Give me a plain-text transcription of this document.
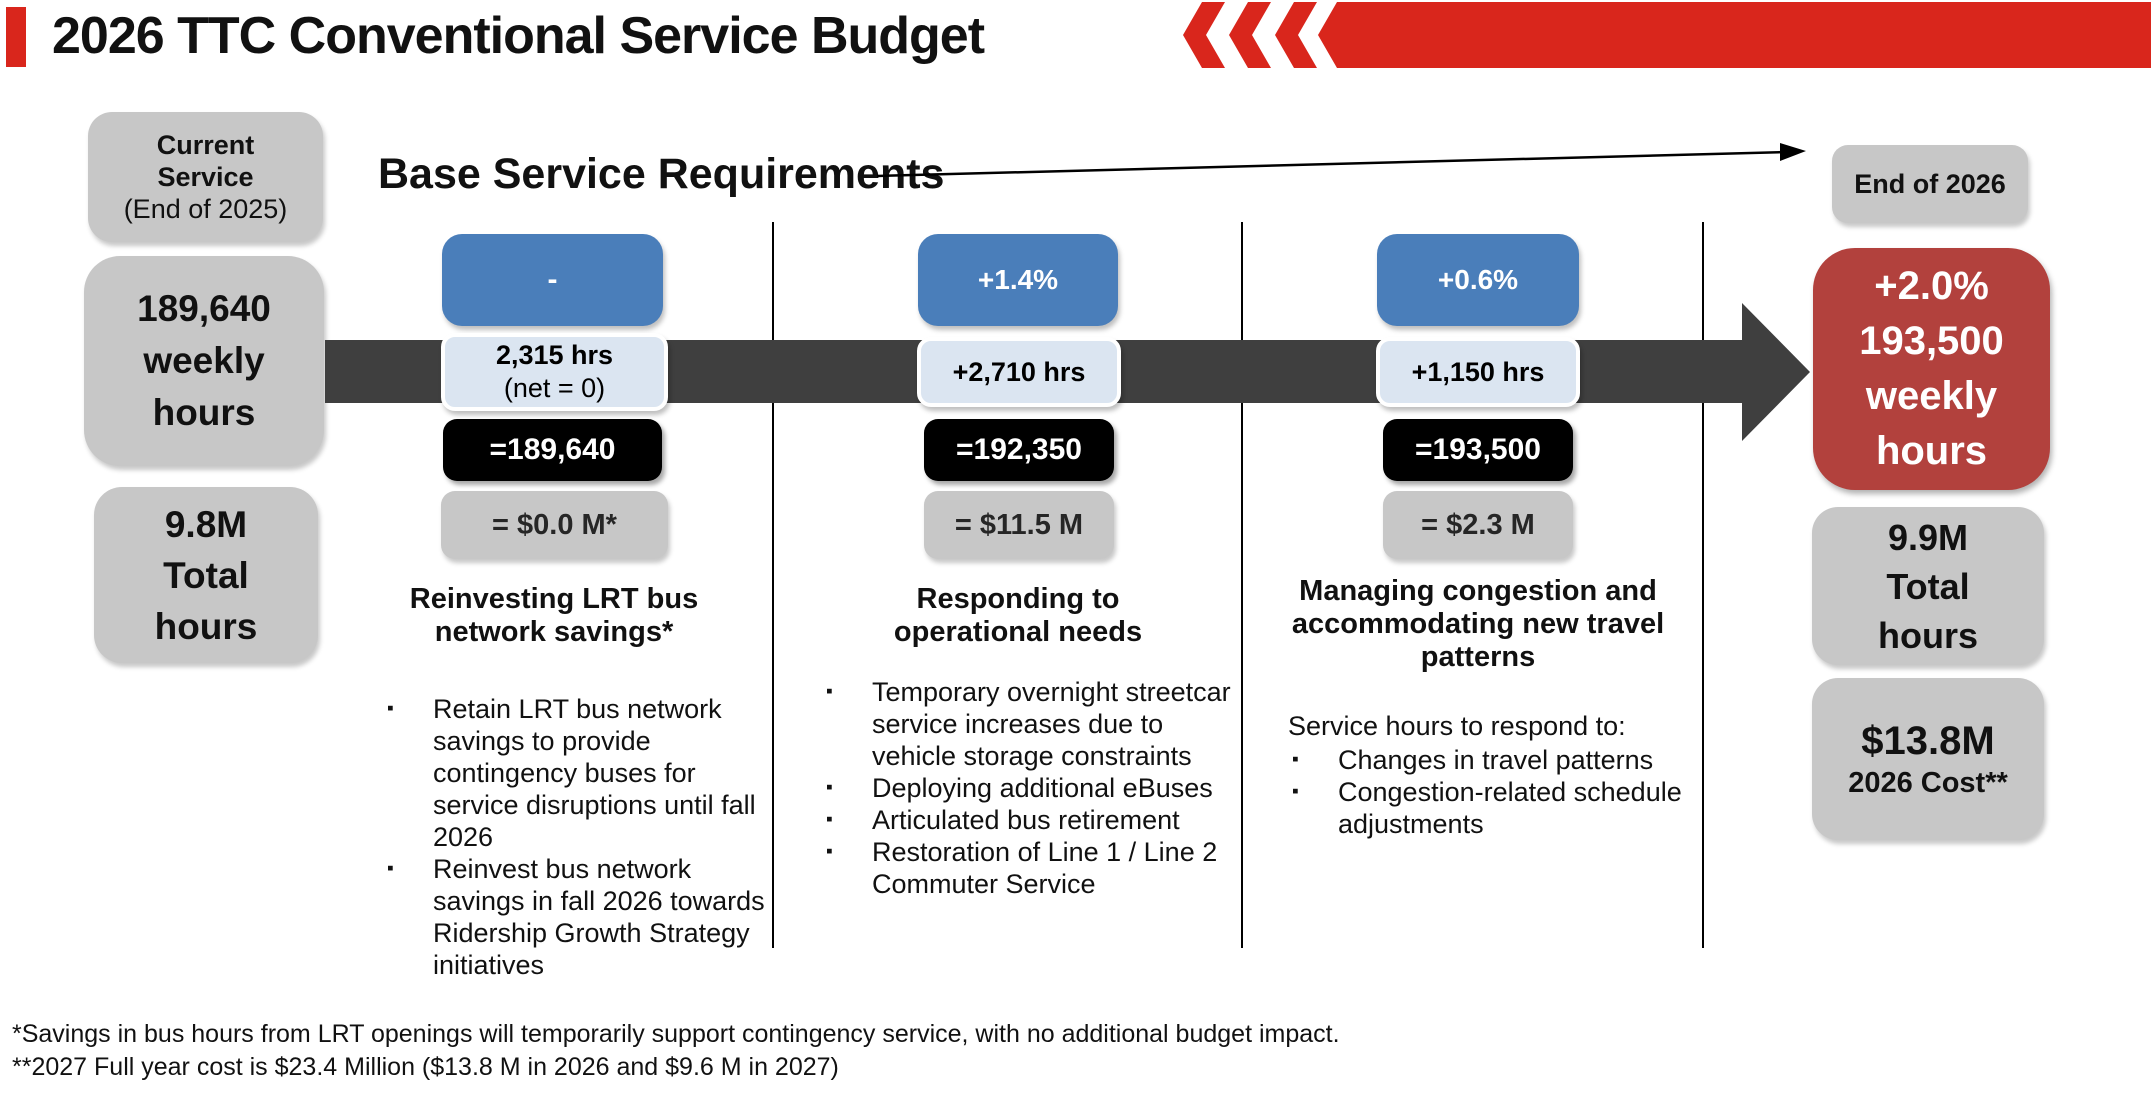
2026 TTC Conventional Service Budget
Base Service Requirements
Current Service
(End of 2025)
189,640
weekly
hours
9.8M
Total
hours
-
2,315 hrs
(net = 0)
=189,640
= $0.0 M*
+1.4%
+2,710 hrs
=192,350
= $11.5 M
+0.6%
+1,150 hrs
=193,500
= $2.3 M
Reinvesting LRT bus network savings*
▪	Retain LRT bus network savings to provide contingency buses for service disruptions until fall 2026
▪	Reinvest bus network savings in fall 2026 towards Ridership Growth Strategy initiatives
Responding to operational needs
▪	Temporary overnight streetcar service increases due to vehicle storage constraints
▪	Deploying additional eBuses
▪	Articulated bus retirement
▪	Restoration of Line 1 / Line 2 Commuter Service
Managing congestion and accommodating new travel patterns
Service hours to respond to:
▪	Changes in travel patterns
▪	Congestion-related schedule adjustments
End of 2026
+2.0%
193,500
weekly
hours
9.9M
Total
hours
$13.8M
2026 Cost**
*Savings in bus hours from LRT openings will temporarily support contingency service, with no additional budget impact.
**2027 Full year cost is $23.4 Million ($13.8 M in 2026 and $9.6 M in 2027)
